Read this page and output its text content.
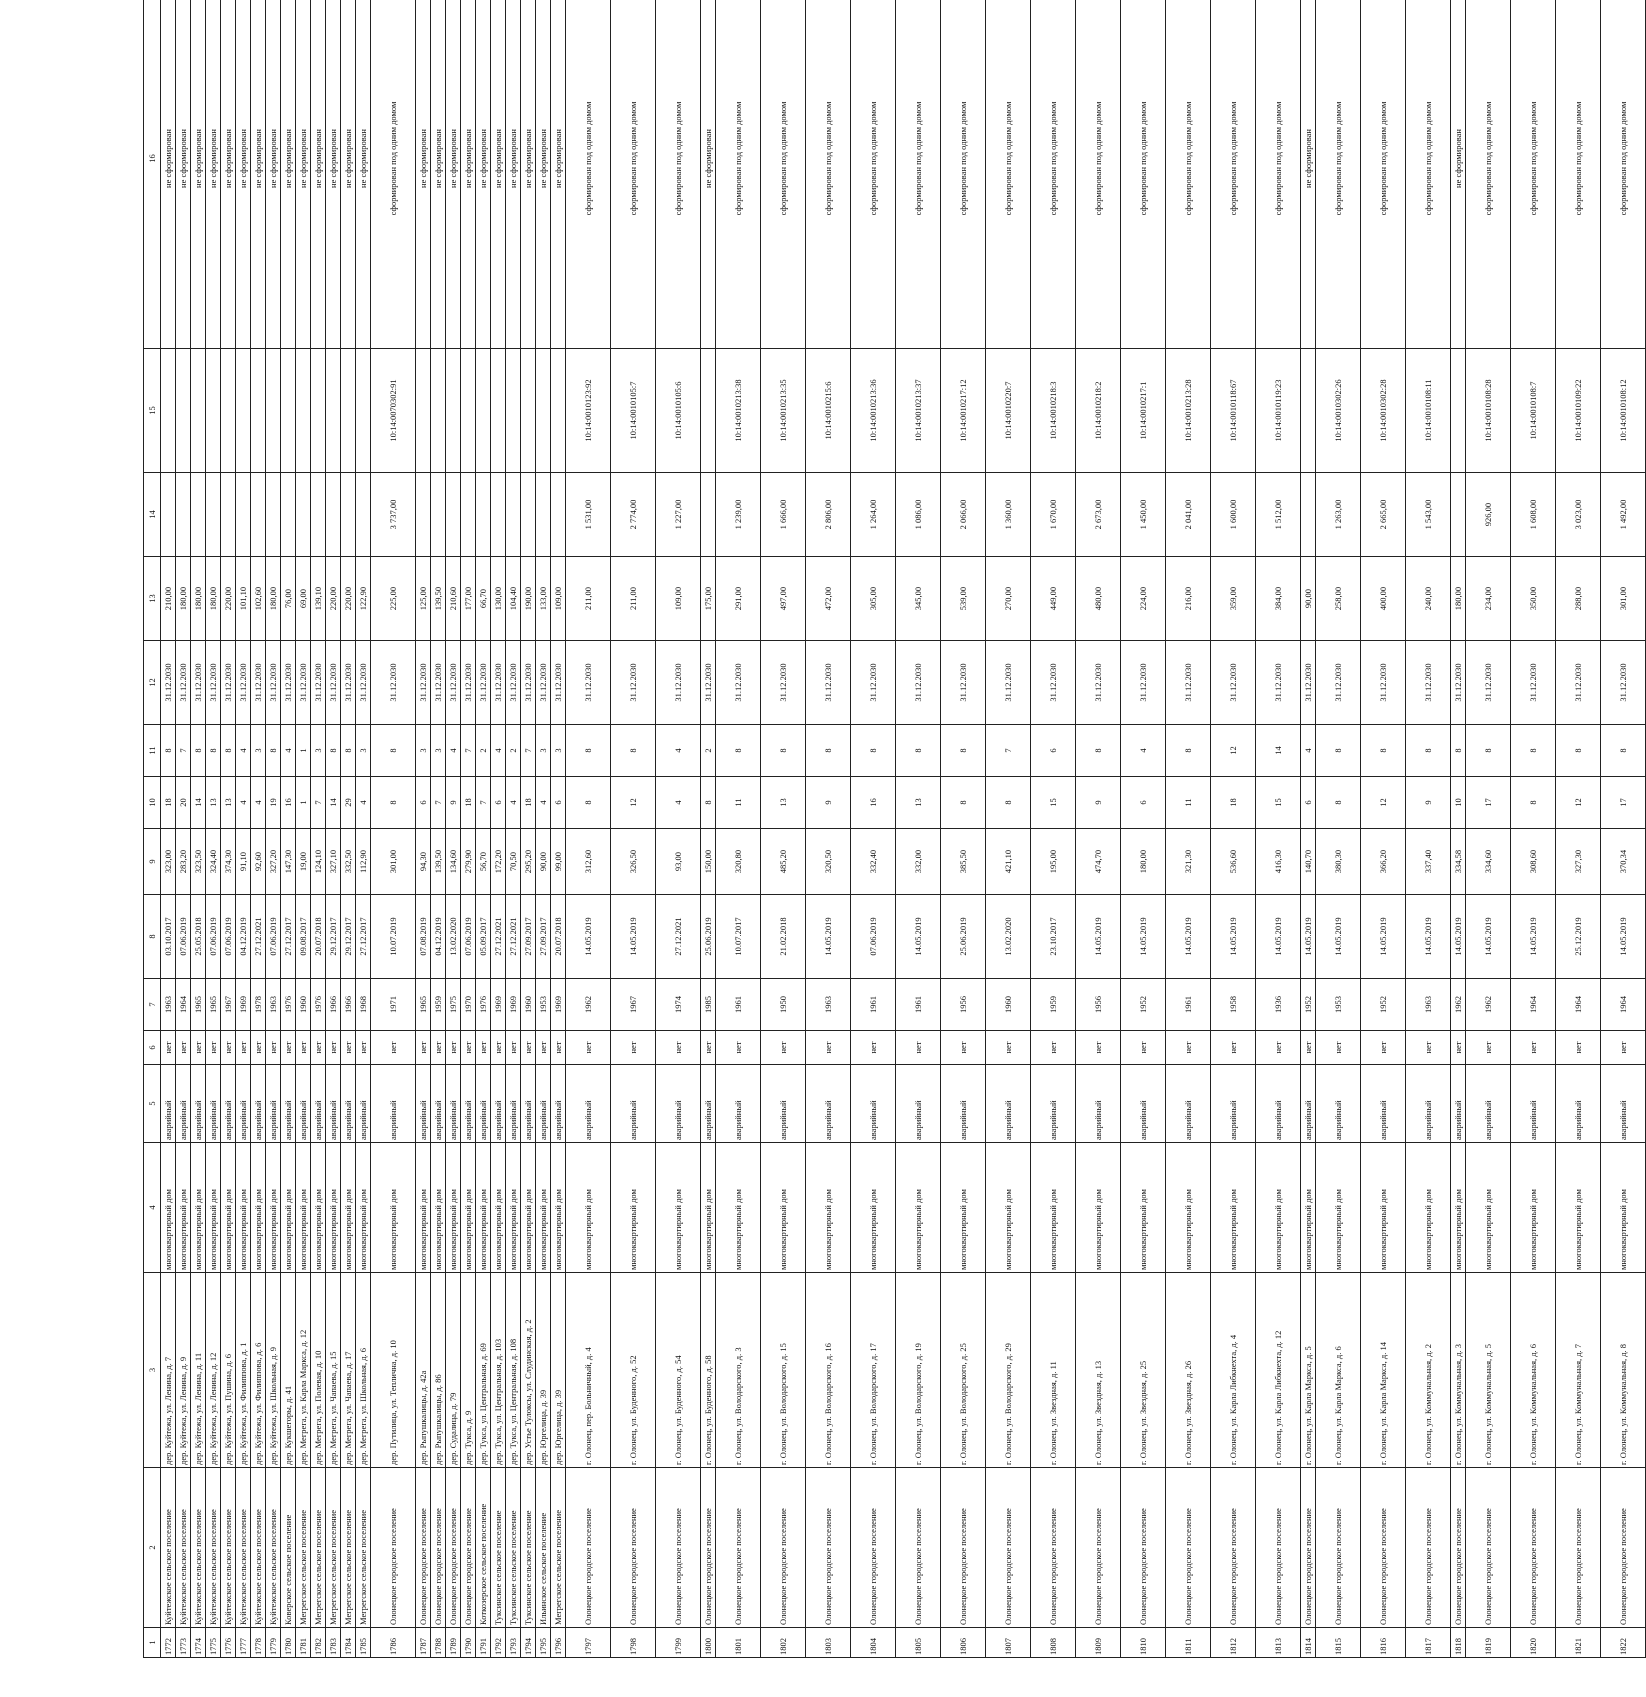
1	2	3	4	5	6	7	8	9	10	11	12	13	14	15	16
1772	Куйтежское сельское поселение	дер. Куйтежа, ул. Ленина, д. 7	многоквартирный дом	аварийный	нет	1963	03.10.2017	323,00	18	8	31.12.2030	210,00			не сформирован
1773	Куйтежское сельское поселение	дер. Куйтежа, ул. Ленина, д. 9	многоквартирный дом	аварийный	нет	1964	07.06.2019	283,20	20	7	31.12.2030	180,00			не сформирован
1774	Куйтежское сельское поселение	дер. Куйтежа, ул. Ленина, д. 11	многоквартирный дом	аварийный	нет	1965	25.05.2018	323,50	14	8	31.12.2030	180,00			не сформирован
1775	Куйтежское сельское поселение	дер. Куйтежа, ул. Ленина, д. 12	многоквартирный дом	аварийный	нет	1965	07.06.2019	324,40	13	8	31.12.2030	180,00			не сформирован
1776	Куйтежское сельское поселение	дер. Куйтежа, ул. Пушина, д. 6	многоквартирный дом	аварийный	нет	1967	07.06.2019	374,30	13	8	31.12.2030	220,00			не сформирован
1777	Куйтежское сельское поселение	дер. Куйтежа, ул. Филиппова, д. 1	многоквартирный дом	аварийный	нет	1969	04.12.2019	91,10	4	4	31.12.2030	101,10			не сформирован
1778	Куйтежское сельское поселение	дер. Куйтежа, ул. Филиппова, д. 6	многоквартирный дом	аварийный	нет	1978	27.12.2021	92,60	4	3	31.12.2030	102,60			не сформирован
1779	Куйтежское сельское поселение	дер. Куйтежа, ул. Школьная, д. 9	многоквартирный дом	аварийный	нет	1963	07.06.2019	327,20	19	8	31.12.2030	180,00			не сформирован
1780	Коверское сельское поселение	дер. Кукшегоры, д. 41	многоквартирный дом	аварийный	нет	1976	27.12.2017	147,30	16	4	31.12.2030	76,00			не сформирован
1781	Мегрегское сельское поселение	дер. Мегрега, ул. Карла Маркса, д. 12	многоквартирный дом	аварийный	нет	1960	09.08.2017	19,00	1	1	31.12.2030	69,00			не сформирован
1782	Мегрегское сельское поселение	дер. Мегрега, ул. Полевая, д. 10	многоквартирный дом	аварийный	нет	1976	20.07.2018	124,10	7	3	31.12.2030	139,10			не сформирован
1783	Мегрегское сельское поселение	дер. Мегрега, ул. Чапаева, д. 15	многоквартирный дом	аварийный	нет	1966	29.12.2017	327,10	14	8	31.12.2030	220,00			не сформирован
1784	Мегрегское сельское поселение	дер. Мегрега, ул. Чапаева, д. 17	многоквартирный дом	аварийный	нет	1966	29.12.2017	332,50	29	8	31.12.2030	220,00			не сформирован
1785	Мегрегское сельское поселение	дер. Мегрега, ул. Школьная, д. 6	многоквартирный дом	аварийный	нет	1968	27.12.2017	112,90	4	3	31.12.2030	122,90			не сформирован
1786	Олонецкое городское поселение	дер. Путилица, ул. Теплична, д. 10	многоквартирный дом	аварийный	нет	1971	10.07.2019	301,00	8	8	31.12.2030	225,00	3 737,00	10:14:0070302:91	сформирован под одним домом
1787	Олонецкое городское поселение	дер. Рыпушкалицы, д. 42а	многоквартирный дом	аварийный	нет	1965	07.08.2019	94,30	6	3	31.12.2030	125,00			не сформирован
1788	Олонецкое городское поселение	дер. Рыпушкалицы, д. 86	многоквартирный дом	аварийный	нет	1959	04.12.2019	139,50	7	3	31.12.2030	139,50			не сформирован
1789	Олонецкое городское поселение	дер. Судалица, д. 79	многоквартирный дом	аварийный	нет	1975	13.02.2020	134,60	9	4	31.12.2030	210,60			не сформирован
1790	Олонецкое городское поселение	дер. Тукса, д. 9	многоквартирный дом	аварийный	нет	1970	07.06.2019	279,90	18	7	31.12.2030	177,00			не сформирован
1791	Коткозерское сельское поселение	дер. Тукса, ул. Центральная, д. 69	многоквартирный дом	аварийный	нет	1976	05.09.2017	56,70	7	2	31.12.2030	66,70			не сформирован
1792	Туксинское сельское поселение	дер. Тукса, ул. Центральная, д. 103	многоквартирный дом	аварийный	нет	1969	27.12.2021	172,20	6	4	31.12.2030	130,00			не сформирован
1793	Туксинское сельское поселение	дер. Тукса, ул. Центральная, д. 108	многоквартирный дом	аварийный	нет	1969	27.12.2021	70,50	4	2	31.12.2030	104,40			не сформирован
1794	Туксинское сельское поселение	дер. Устье Тулоксы, ул. Слудинская, д. 2	многоквартирный дом	аварийный	нет	1960	27.09.2017	295,20	18	7	31.12.2030	190,00			не сформирован
1795	Ильинское сельское поселение	дер. Юргелица, д. 39	многоквартирный дом	аварийный	нет	1953	27.09.2017	90,00	4	3	31.12.2030	133,00			не сформирован
1796	Мегрегское сельское поселение	дер. Юргелица, д. 39	многоквартирный дом	аварийный	нет	1969	20.07.2018	99,00	6	3	31.12.2030	109,00			не сформирован
1797	Олонецкое городское поселение	г. Олонец, пер. Больничный, д. 4	многоквартирный дом	аварийный	нет	1962	14.05.2019	312,60	8	8	31.12.2030	211,00	1 531,00	10:14:0010123:92	сформирован под одним домом
1798	Олонецкое городское поселение	г. Олонец, ул. Буденного, д. 52	многоквартирный дом	аварийный	нет	1967	14.05.2019	326,50	12	8	31.12.2030	211,00	2 774,00	10:14:0010105:7	сформирован под одним домом
1799	Олонецкое городское поселение	г. Олонец, ул. Буденного, д. 54	многоквартирный дом	аварийный	нет	1974	27.12.2021	93,00	4	4	31.12.2030	109,00	1 227,00	10:14:0010105:6	сформирован под одним домом
1800	Олонецкое городское поселение	г. Олонец, ул. Буденного, д. 58	многоквартирный дом	аварийный	нет	1985	25.06.2019	150,00	8	2	31.12.2030	175,00			не сформирован
1801	Олонецкое городское поселение	г. Олонец, ул. Володарского, д. 3	многоквартирный дом	аварийный	нет	1961	10.07.2017	320,80	11	8	31.12.2030	291,00	1 239,00	10:14:0010213:38	сформирован под одним домом
1802	Олонецкое городское поселение	г. Олонец, ул. Володарского, д. 15	многоквартирный дом	аварийный	нет	1950	21.02.2018	485,20	13	8	31.12.2030	497,00	1 666,00	10:14:0010213:35	сформирован под одним домом
1803	Олонецкое городское поселение	г. Олонец, ул. Володарского, д. 16	многоквартирный дом	аварийный	нет	1963	14.05.2019	320,50	9	8	31.12.2030	472,00	2 806,00	10:14:0010215:6	сформирован под одним домом
1804	Олонецкое городское поселение	г. Олонец, ул. Володарского, д. 17	многоквартирный дом	аварийный	нет	1961	07.06.2019	332,40	16	8	31.12.2030	305,00	1 264,00	10:14:0010213:36	сформирован под одним домом
1805	Олонецкое городское поселение	г. Олонец, ул. Володарского, д. 19	многоквартирный дом	аварийный	нет	1961	14.05.2019	332,00	13	8	31.12.2030	345,00	1 086,00	10:14:0010213:37	сформирован под одним домом
1806	Олонецкое городское поселение	г. Олонец, ул. Володарского, д. 25	многоквартирный дом	аварийный	нет	1956	25.06.2019	385,50	8	8	31.12.2030	539,00	2 066,00	10:14:0010217:12	сформирован под одним домом
1807	Олонецкое городское поселение	г. Олонец, ул. Володарского, д. 29	многоквартирный дом	аварийный	нет	1960	13.02.2020	421,10	8	7	31.12.2030	270,00	1 360,00	10:14:0010220:7	сформирован под одним домом
1808	Олонецкое городское поселение	г. Олонец, ул. Звездная, д. 11	многоквартирный дом	аварийный	нет	1959	23.10.2017	195,00	15	6	31.12.2030	449,00	1 670,00	10:14:0010218:3	сформирован под одним домом
1809	Олонецкое городское поселение	г. Олонец, ул. Звездная, д. 13	многоквартирный дом	аварийный	нет	1956	14.05.2019	474,70	9	8	31.12.2030	480,00	2 673,00	10:14:0010218:2	сформирован под одним домом
1810	Олонецкое городское поселение	г. Олонец, ул. Звездная, д. 25	многоквартирный дом	аварийный	нет	1952	14.05.2019	180,00	6	4	31.12.2030	224,00	1 450,00	10:14:0010217:1	сформирован под одним домом
1811	Олонецкое городское поселение	г. Олонец, ул. Звездная, д. 26	многоквартирный дом	аварийный	нет	1961	14.05.2019	321,30	11	8	31.12.2030	216,00	2 041,00	10:14:0010213:28	сформирован под одним домом
1812	Олонецкое городское поселение	г. Олонец, ул. Карла Либкнехта, д. 4	многоквартирный дом	аварийный	нет	1958	14.05.2019	536,60	18	12	31.12.2030	359,00	1 600,00	10:14:0010118:67	сформирован под одним домом
1813	Олонецкое городское поселение	г. Олонец, ул. Карла Либкнехта, д. 12	многоквартирный дом	аварийный	нет	1936	14.05.2019	416,30	15	14	31.12.2030	384,00	1 512,00	10:14:0010119:23	сформирован под одним домом
1814	Олонецкое городское поселение	г. Олонец, ул. Карла Маркса, д. 5	многоквартирный дом	аварийный	нет	1952	14.05.2019	140,70	6	4	31.12.2030	90,00			не сформирован
1815	Олонецкое городское поселение	г. Олонец, ул. Карла Маркса, д. 6	многоквартирный дом	аварийный	нет	1953	14.05.2019	380,30	8	8	31.12.2030	258,00	1 263,00	10:14:0010302:26	сформирован под одним домом
1816	Олонецкое городское поселение	г. Олонец, ул. Карла Маркса, д. 14	многоквартирный дом	аварийный	нет	1952	14.05.2019	366,20	12	8	31.12.2030	400,00	2 665,00	10:14:0010302:28	сформирован под одним домом
1817	Олонецкое городское поселение	г. Олонец, ул. Коммунальная, д. 2	многоквартирный дом	аварийный	нет	1963	14.05.2019	337,40	9	8	31.12.2030	240,00	1 543,00	10:14:0010108:11	сформирован под одним домом
1818	Олонецкое городское поселение	г. Олонец, ул. Коммунальная, д. 3	многоквартирный дом	аварийный	нет	1962	14.05.2019	334,58	10	8	31.12.2030	180,00			не сформирован
1819	Олонецкое городское поселение	г. Олонец, ул. Коммунальная, д. 5	многоквартирный дом	аварийный	нет	1962	14.05.2019	334,60	17	8	31.12.2030	234,00	926,00	10:14:0010108:28	сформирован под одним домом
1820	Олонецкое городское поселение	г. Олонец, ул. Коммунальная, д. 6	многоквартирный дом	аварийный	нет	1964	14.05.2019	308,60	8	8	31.12.2030	350,00	1 608,00	10:14:0010108:7	сформирован под одним домом
1821	Олонецкое городское поселение	г. Олонец, ул. Коммунальная, д. 7	многоквартирный дом	аварийный	нет	1964	25.12.2019	327,30	12	8	31.12.2030	288,00	3 023,00	10:14:0010109:22	сформирован под одним домом
1822	Олонецкое городское поселение	г. Олонец, ул. Коммунальная, д. 8	многоквартирный дом	аварийный	нет	1964	14.05.2019	370,34	17	8	31.12.2030	301,00	1 492,00	10:14:0010108:12	сформирован под одним домом
